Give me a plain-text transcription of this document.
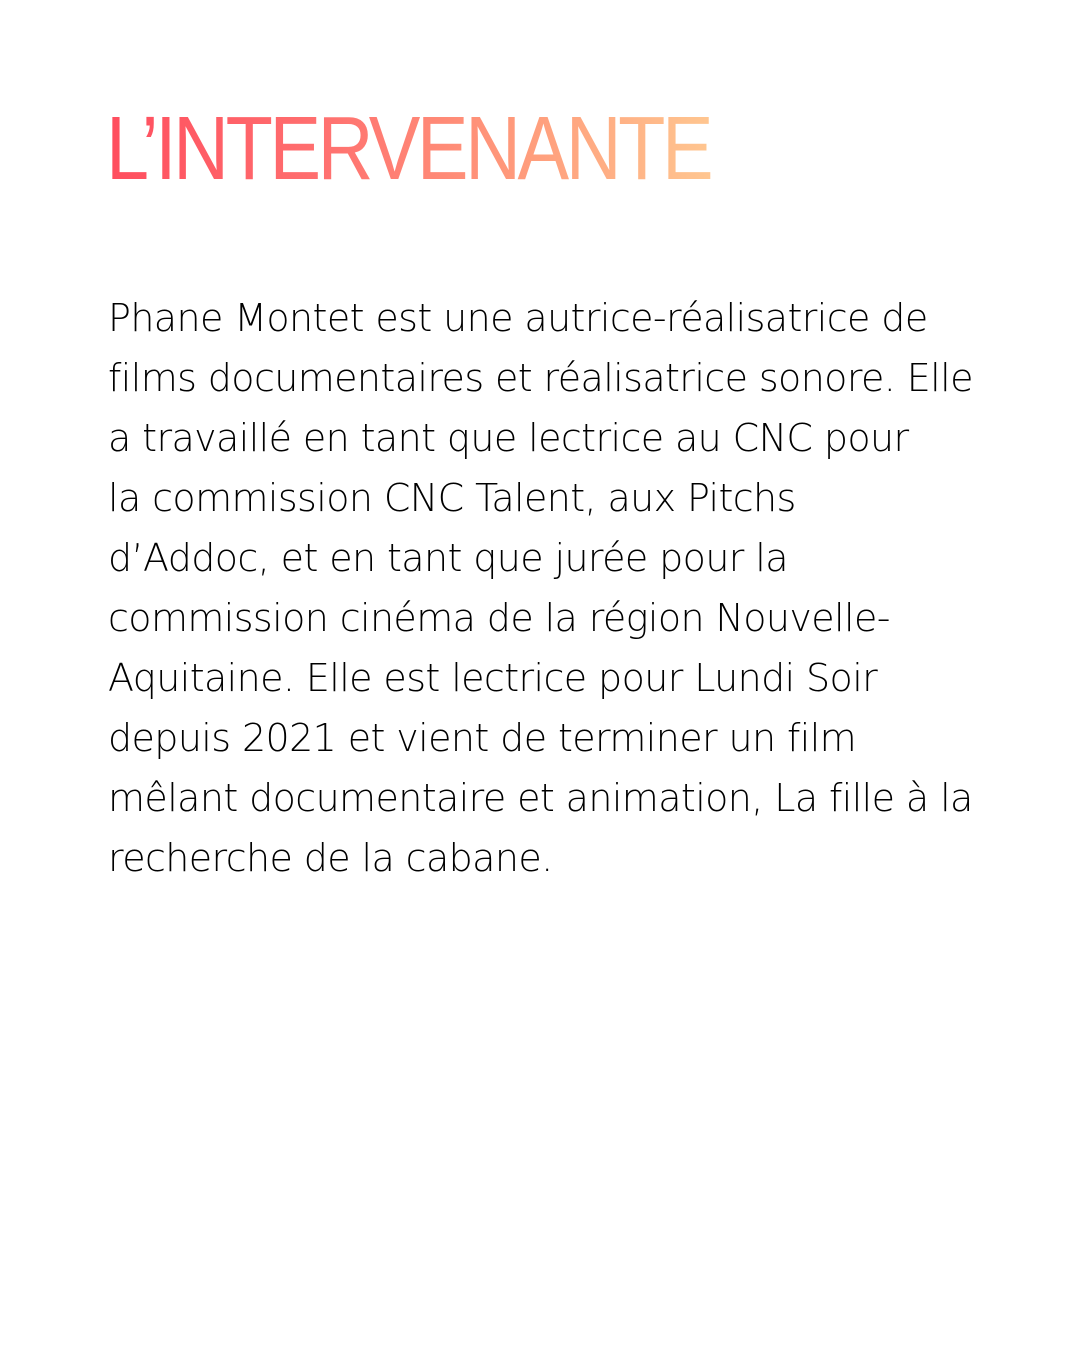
L’INTERVENANTE

Phane Montet est une autrice-réalisatrice de
films documentaires et réalisatrice sonore. Elle
a travaillé en tant que lectrice au CNC pour
la commission CNC Talent, aux Pitchs
d’Addoc, et en tant que jurée pour la
commission cinéma de la région Nouvelle-
Aquitaine. Elle est lectrice pour Lundi Soir
depuis 2021 et vient de terminer un film
mêlant documentaire et animation, La fille à la
recherche de la cabane.
